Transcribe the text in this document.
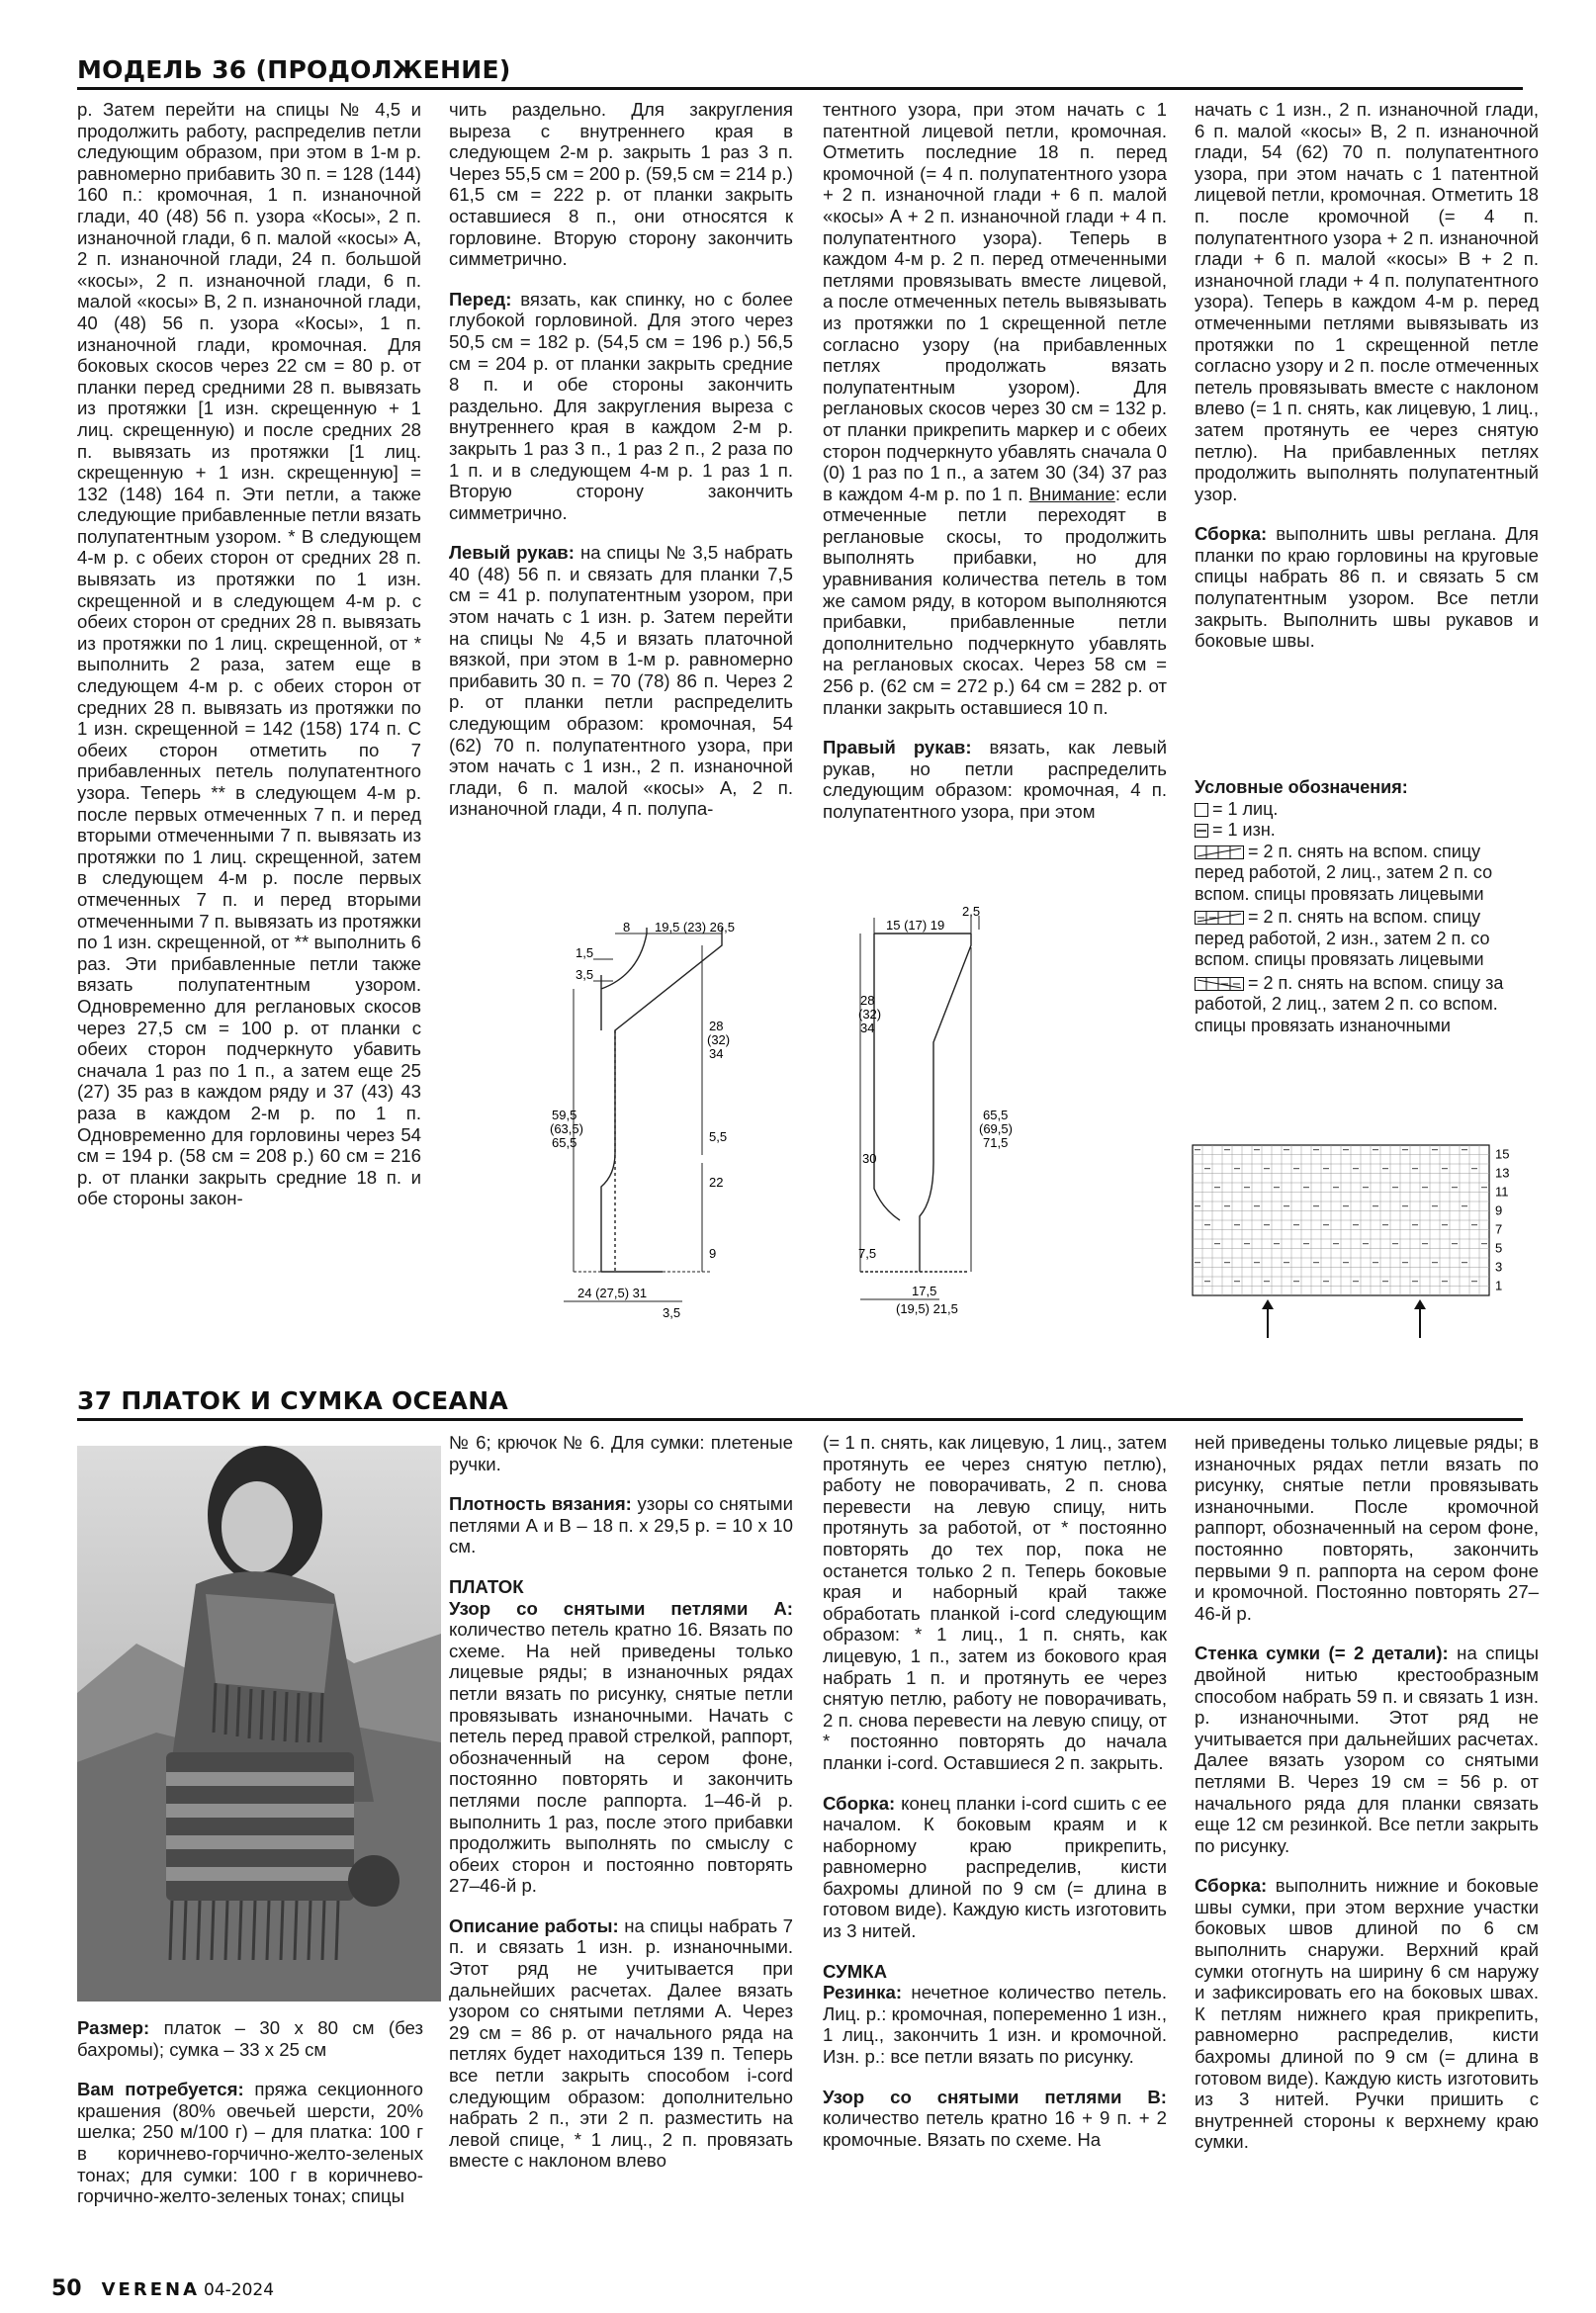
МОДЕЛЬ 36 (ПРОДОЛЖЕНИЕ)

р. Затем перейти на спицы № 4,5 и продолжить работу, распределив петли следующим образом, при этом в 1-м р. равномерно прибавить 30 п. = 128 (144) 160 п.: кромочная, 1 п. изнаночной глади, 40 (48) 56 п. узора «Косы», 2 п. изнаночной глади, 6 п. малой «косы» А, 2 п. изнаночной глади, 24 п. большой «косы», 2 п. изнаночной глади, 6 п. малой «косы» В, 2 п. изнаночной глади, 40 (48) 56 п. узора «Косы», 1 п. изнаночной глади, кромочная. Для боковых скосов через 22 см = 80 р. от планки перед средними 28 п. вывязать из протяжки [1 изн. скрещенную + 1 лиц. скрещенную) и после средних 28 п. вывязать из протяжки [1 лиц. скрещенную + 1 изн. скрещенную] = 132 (148) 164 п. Эти петли, а также следующие прибавленные петли вязать полупатентным узором. * В следующем 4-м р. с обеих сторон от средних 28 п. вывязать из протяжки по 1 изн. скрещенной и в следующем 4-м р. с обеих сторон от средних 28 п. вывязать из протяжки по 1 лиц. скрещенной, от * выполнить 2 раза, затем еще в следующем 4-м р. с обеих сторон от средних 28 п. вывязать из протяжки по 1 изн. скрещенной = 142 (158) 174 п. С обеих сторон отметить по 7 прибавленных петель полупатентного узора. Теперь ** в следующем 4-м р. после первых отмеченных 7 п. и перед вторыми отмеченными 7 п. вывязать из протяжки по 1 лиц. скрещенной, затем в следующем 4-м р. после первых отмеченных 7 п. и перед вторыми отмеченными 7 п. вывязать из протяжки по 1 изн. скрещенной, от ** выполнить 6 раз. Эти прибавленные петли также вязать полупатентным узором. Одновременно для реглановых скосов через 27,5 см = 100 р. от планки с обеих сторон подчеркнуто убавить сначала 1 раз по 1 п., а затем еще 25 (27) 35 раз в каждом ряду и 37 (43) 43 раза в каждом 2-м р. по 1 п. Одновременно для горловины через 54 см = 194 р. (58 см = 208 р.) 60 см = 216 р. от планки закрыть средние 18 п. и обе стороны закон-

чить раздельно. Для закругления выреза с внутреннего края в следующем 2-м р. закрыть 1 раз 3 п. Через 55,5 см = 200 р. (59,5 см = 214 р.) 61,5 см = 222 р. от планки закрыть оставшиеся 8 п., они относятся к горловине. Вторую сторону закончить симметрично.

Перед: вязать, как спинку, но с более глубокой горловиной. Для этого через 50,5 см = 182 р. (54,5 см = 196 р.) 56,5 см = 204 р. от планки закрыть средние 8 п. и обе стороны закончить раздельно. Для закругления выреза с внутреннего края в каждом 2-м р. закрыть 1 раз 3 п., 1 раз 2 п., 2 раза по 1 п. и в следующем 4-м р. 1 раз 1 п. Вторую сторону закончить симметрично.

Левый рукав: на спицы № 3,5 набрать 40 (48) 56 п. и связать для планки 7,5 см = 41 р. полупатентным узором, при этом начать с 1 изн. р. Затем перейти на спицы № 4,5 и вязать платочной вязкой, при этом в 1-м р. равномерно прибавить 30 п. = 70 (78) 86 п. Через 2 р. от планки петли распределить следующим образом: кромочная, 54 (62) 70 п. полупатентного узора, при этом начать с 1 изн., 2 п. изнаночной глади, 6 п. малой «косы» А, 2 п. изнаночной глади, 4 п. полупа-

тентного узора, при этом начать с 1 патентной лицевой петли, кромочная. Отметить последние 18 п. перед кромочной (= 4 п. полупатентного узора + 2 п. изнаночной глади + 6 п. малой «косы» А + 2 п. изнаночной глади + 4 п. полупатентного узора). Теперь в каждом 4-м р. 2 п. перед отмеченными петлями провязывать вместе лицевой, а после отмеченных петель вывязывать из протяжки по 1 скрещенной петле согласно узору (на прибавленных петлях продолжать вязать полупатентным узором). Для реглановых скосов через 30 см = 132 р. от планки прикрепить маркер и с обеих сторон подчеркнуто убавлять сначала 0 (0) 1 раз по 1 п., а затем 30 (34) 37 раз в каждом 4-м р. по 1 п. Внимание: если отмеченные петли переходят в реглановые скосы, то продолжить выполнять прибавки, но для уравнивания количества петель в том же самом ряду, в котором выполняются прибавки, прибавленные петли дополнительно подчеркнуто убавлять на реглановых скосах. Через 58 см = 256 р. (62 см = 272 р.) 64 см = 282 р. от планки закрыть оставшиеся 10 п.

Правый рукав: вязать, как левый рукав, но петли распределить следующим образом: кромочная, 4 п. полупатентного узора, при этом

начать с 1 изн., 2 п. изнаночной глади, 6 п. малой «косы» В, 2 п. изнаночной глади, 54 (62) 70 п. полупатентного узора, при этом начать с 1 патентной лицевой петли, кромочная. Отметить 18 п. после кромочной (= 4 п. полупатентного узора + 2 п. изнаночной глади + 6 п. малой «косы» В + 2 п. изнаночной глади + 4 п. полупатентного узора). Теперь в каждом 4-м р. перед отмеченными петлями вывязывать из протяжки по 1 скрещенной петле согласно узору и 2 п. после отмеченных петель провязывать вместе с наклоном влево (= 1 п. снять, как лицевую, 1 лиц., затем протянуть ее через снятую петлю). На прибавленных петлях продолжить выполнять полупатентный узор.

Сборка: выполнить швы реглана. Для планки по краю горловины на круговые спицы набрать 86 п. и связать 5 см полупатентным узором. Все петли закрыть. Выполнить швы рукавов и боковые швы.

Условные обозначения:
= 1 лиц.
= 1 изн.
= 2 п. снять на вспом. спицу перед работой, 2 лиц., затем 2 п. со вспом. спицы провязать лицевыми
= 2 п. снять на вспом. спицу перед работой, 2 изн., затем 2 п. со вспом. спицы провязать лицевыми
= 2 п. снять на вспом. спицу за работой, 2 лиц., затем 2 п. со вспом. спицы провязать изнаночными
15
13
11
9
7
5
3
1
8 19,5 (23) 26,5
1,5
3,5
28
(32)
34
5,5
59,5
(63,5)
65,5
22
9
24 (27,5) 31
3,5
2,5
15 (17) 19
28
(32)
34
65,5
(69,5)
71,5
30
7,5
17,5
(19,5) 21,5
37 ПЛАТОК И СУМКА OCEANA

Размер: платок – 30 х 80 см (без бахромы); сумка – 33 х 25 см

Вам потребуется: пряжа секционного крашения (80% овечьей шерсти, 20% шелка; 250 м/100 г) – для платка: 100 г в коричнево-горчично-желто-зеленых тонах; для сумки: 100 г в коричнево-горчично-желто-зеленых тонах; спицы

№ 6; крючок № 6. Для сумки: плетеные ручки.

Плотность вязания: узоры со снятыми петлями А и В – 18 п. х 29,5 р. = 10 х 10 см.

ПЛАТОК

Узор со снятыми петлями А: количество петель кратно 16. Вязать по схеме. На ней приведены только лицевые ряды; в изнаночных рядах петли вязать по рисунку, снятые петли провязывать изнаночными. Начать с петель перед правой стрелкой, раппорт, обозначенный на сером фоне, постоянно повторять и закончить петлями после раппорта. 1–46-й р. выполнить 1 раз, после этого прибавки продолжить выполнять по смыслу с обеих сторон и постоянно повторять 27–46-й р.

Описание работы: на спицы набрать 7 п. и связать 1 изн. р. изнаночными. Этот ряд не учитывается при дальнейших расчетах. Далее вязать узором со снятыми петлями А. Через 29 см = 86 р. от начального ряда на петлях будет находиться 139 п. Теперь все петли закрыть способом i-cord следующим образом: дополнительно набрать 2 п., эти 2 п. разместить на левой спице, * 1 лиц., 2 п. провязать вместе с наклоном влево

(= 1 п. снять, как лицевую, 1 лиц., затем протянуть ее через снятую петлю), работу не поворачивать, 2 п. снова перевести на левую спицу, нить протянуть за работой, от * постоянно повторять до тех пор, пока не останется только 2 п. Теперь боковые края и наборный край также обработать планкой i-cord следующим образом: * 1 лиц., 1 п. снять, как лицевую, 1 п., затем из бокового края набрать 1 п. и протянуть ее через снятую петлю, работу не поворачивать, 2 п. снова перевести на левую спицу, от * постоянно повторять до начала планки i-cord. Оставшиеся 2 п. закрыть.

Сборка: конец планки i-cord сшить с ее началом. К боковым краям и к наборному краю прикрепить, равномерно распределив, кисти бахромы длиной по 9 см (= длина в готовом виде). Каждую кисть изготовить из 3 нитей.

СУМКА

Резинка: нечетное количество петель. Лиц. р.: кромочная, попеременно 1 изн., 1 лиц., закончить 1 изн. и кромочной. Изн. р.: все петли вязать по рисунку.

Узор со снятыми петлями В: количество петель кратно 16 + 9 п. + 2 кромочные. Вязать по схеме. На

ней приведены только лицевые ряды; в изнаночных рядах петли вязать по рисунку, снятые петли провязывать изнаночными. После кромочной раппорт, обозначенный на сером фоне, постоянно повторять, закончить первыми 9 п. раппорта на сером фоне и кромочной. Постоянно повторять 27–46-й р.

Стенка сумки (= 2 детали): на спицы двойной нитью крестообразным способом набрать 59 п. и связать 1 изн. р. изнаночными. Этот ряд не учитывается при дальнейших расчетах. Далее вязать узором со снятыми петлями В. Через 19 см = 56 р. от начального ряда для планки связать еще 12 см резинкой. Все петли закрыть по рисунку.

Сборка: выполнить нижние и боковые швы сумки, при этом верхние участки боковых швов длиной по 6 см выполнить снаружи. Верхний край сумки отогнуть на ширину 6 см наружу и зафиксировать его на боковых швах. К петлям нижнего края прикрепить, равномерно распределив, кисти бахромы длиной по 9 см (= длина в готовом виде). Каждую кисть изготовить из 3 нитей. Ручки пришить с внутренней стороны к верхнему краю сумки.

50 VERENA 04-2024
